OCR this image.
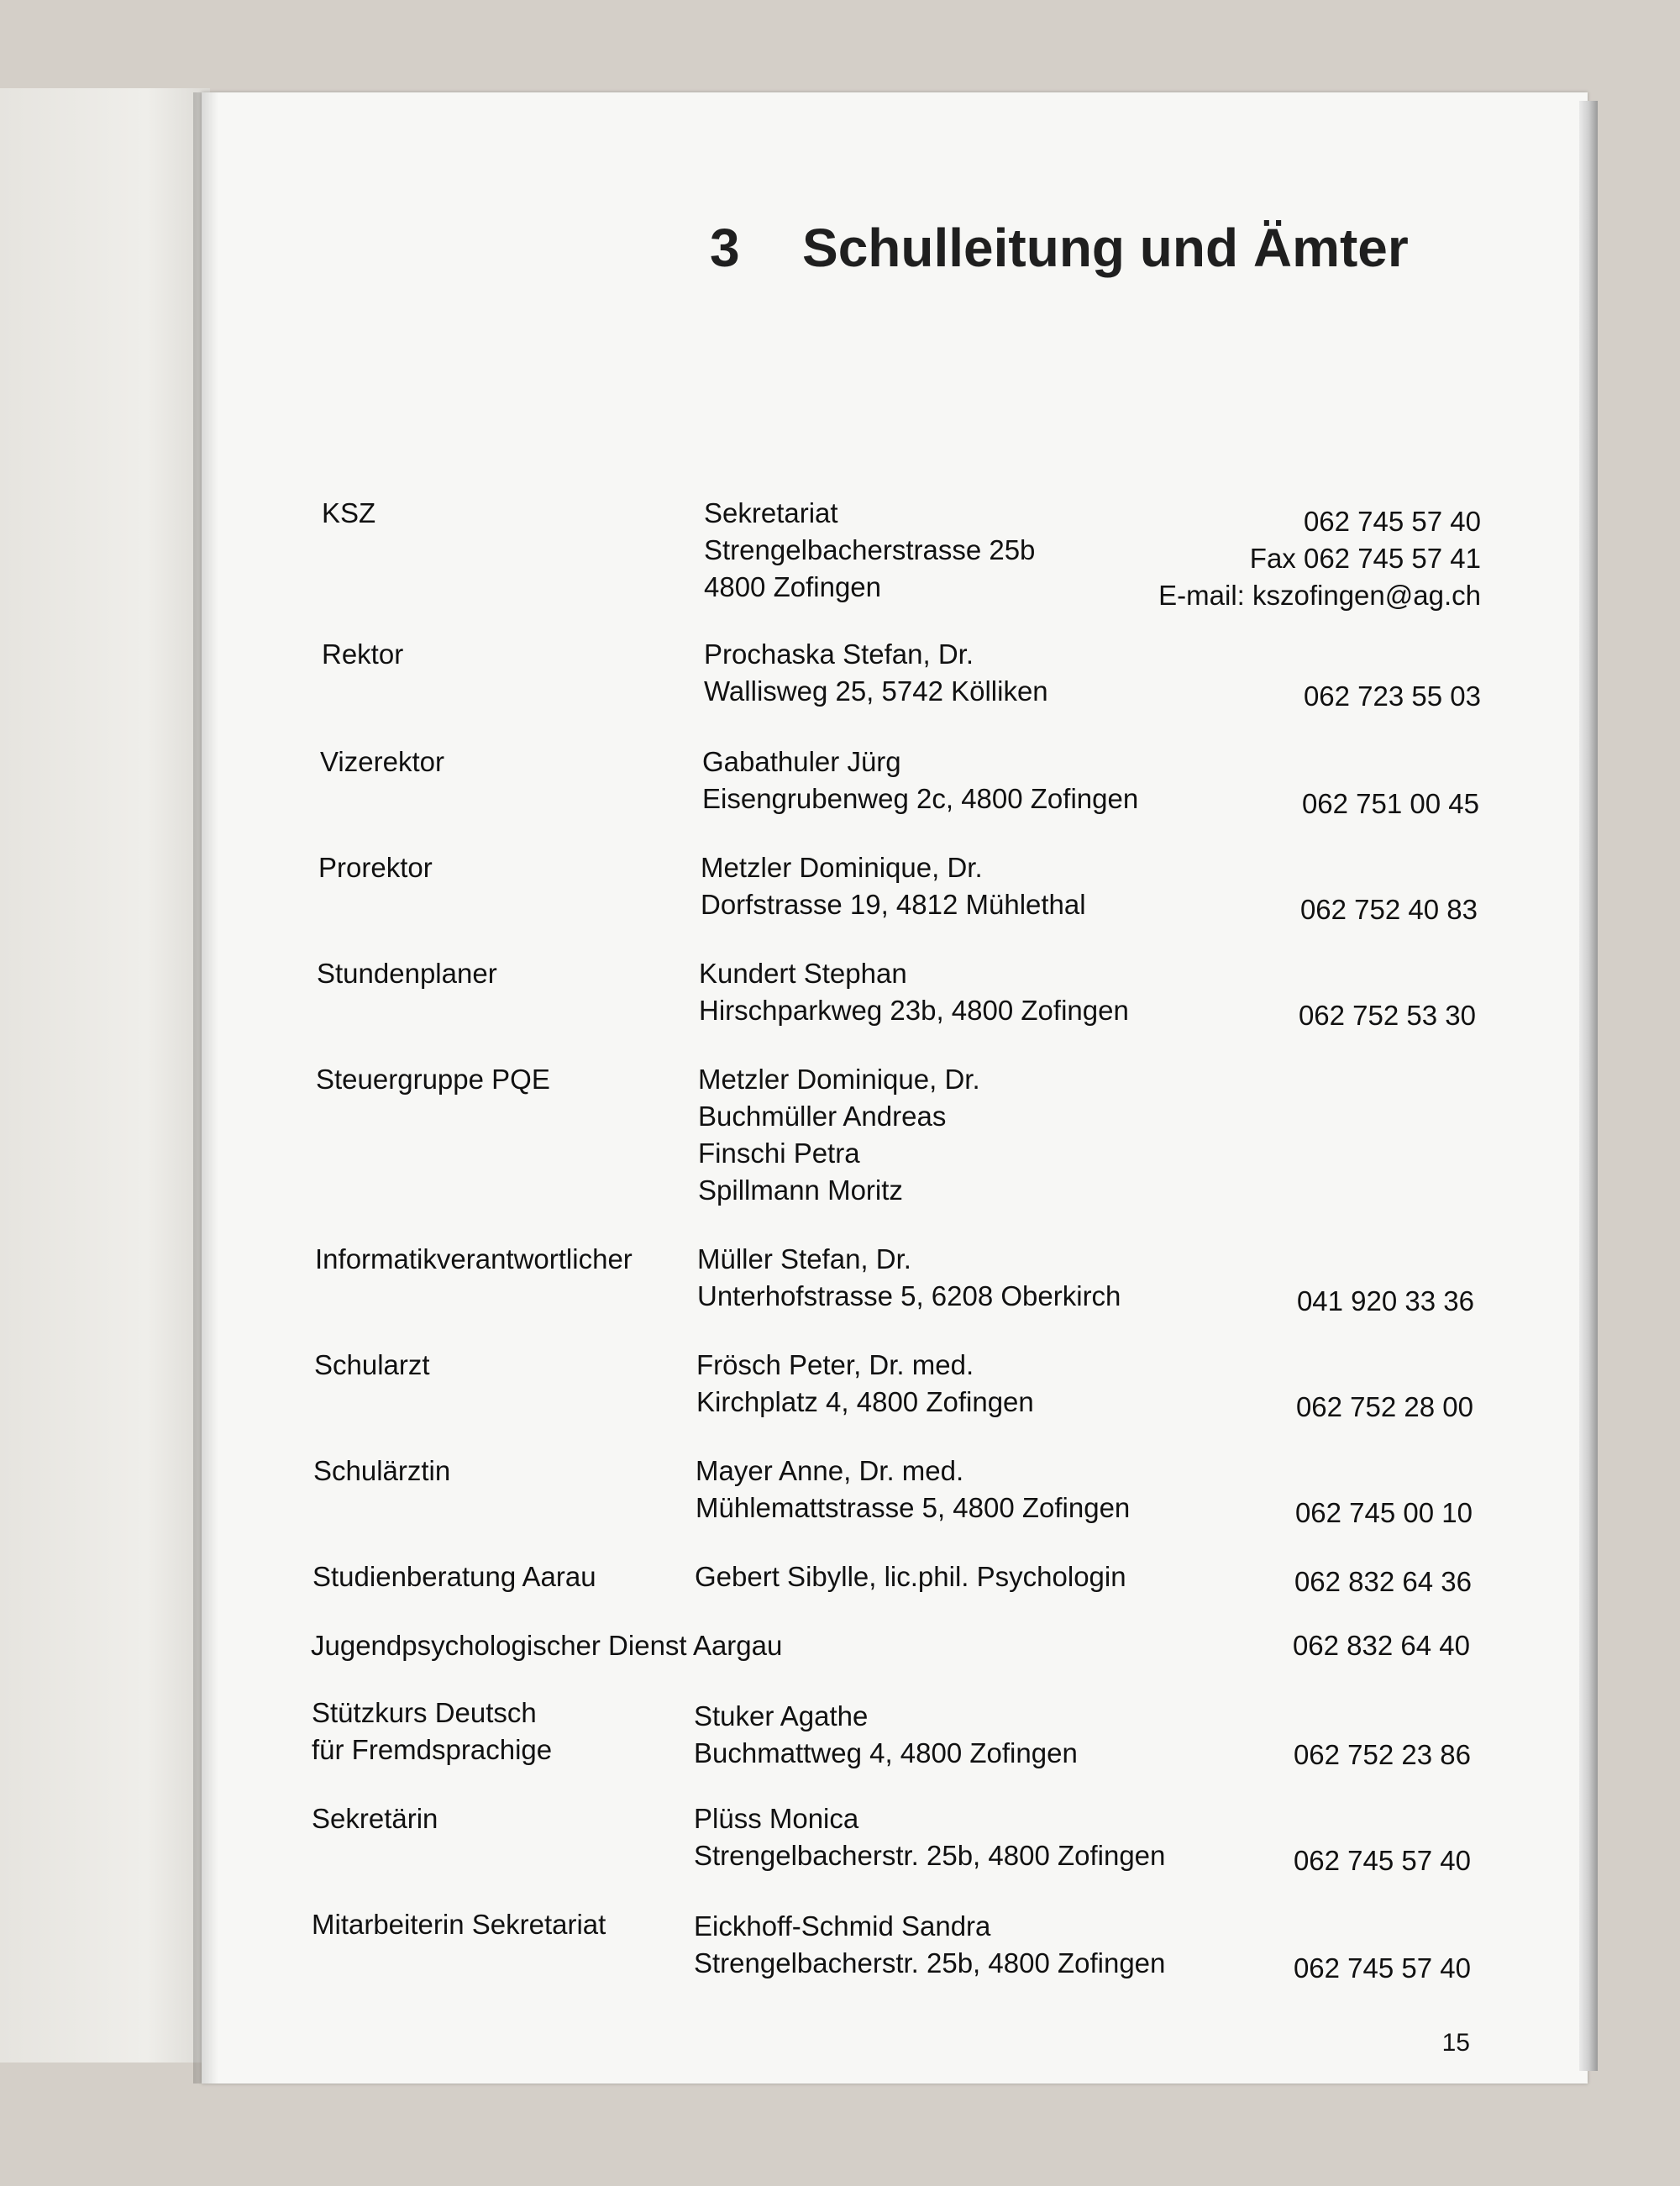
3 Schulleitung und Ämter
KSZ	Sekretariat
Strengelbacherstrasse 25b
4800 Zofingen
062 745 57 40
Fax 062 745 57 41
E-mail: kszofingen@ag.ch
Rektor	Prochaska Stefan, Dr.
Wallisweg 25, 5742 Kölliken	062 723 55 03
Vizerektor	Gabathuler Jürg
Eisengrubenweg 2c, 4800 Zofingen	062 751 00 45
Prorektor	Metzler Dominique, Dr.
Dorfstrasse 19, 4812 Mühlethal	062 752 40 83
Stundenplaner	Kundert Stephan
Hirschparkweg 23b, 4800 Zofingen	062 752 53 30
Steuergruppe PQE	Metzler Dominique, Dr.
Buchmüller Andreas
Finschi Petra
Spillmann Moritz
Informatikverantwortlicher Müller Stefan, Dr.
Unterhofstrasse 5, 6208 Oberkirch	041 920 33 36
Schularzt	Frösch Peter, Dr. med.
Kirchplatz 4, 4800 Zofingen	062 752 28 00
Schulärztin	Mayer Anne, Dr. med.
Mühlemattstrasse 5, 4800 Zofingen	062 745 00 10
Studienberatung Aarau	Gebert Sibylle, lic.phil. Psychologin	062 832 64 36
Jugendpsychologischer Dienst Aargau	062 832 64 40
Stützkurs Deutsch
für Fremdsprachige
Stuker Agathe
Buchmattweg 4, 4800 Zofingen	062 752 23 86
Sekretärin	Plüss Monica
Strengelbacherstr. 25b, 4800 Zofingen	062 745 57 40
Mitarbeiterin Sekretariat	Eickhoff-Schmid Sandra
Strengelbacherstr. 25b, 4800 Zofingen	062 745 57 40
15
